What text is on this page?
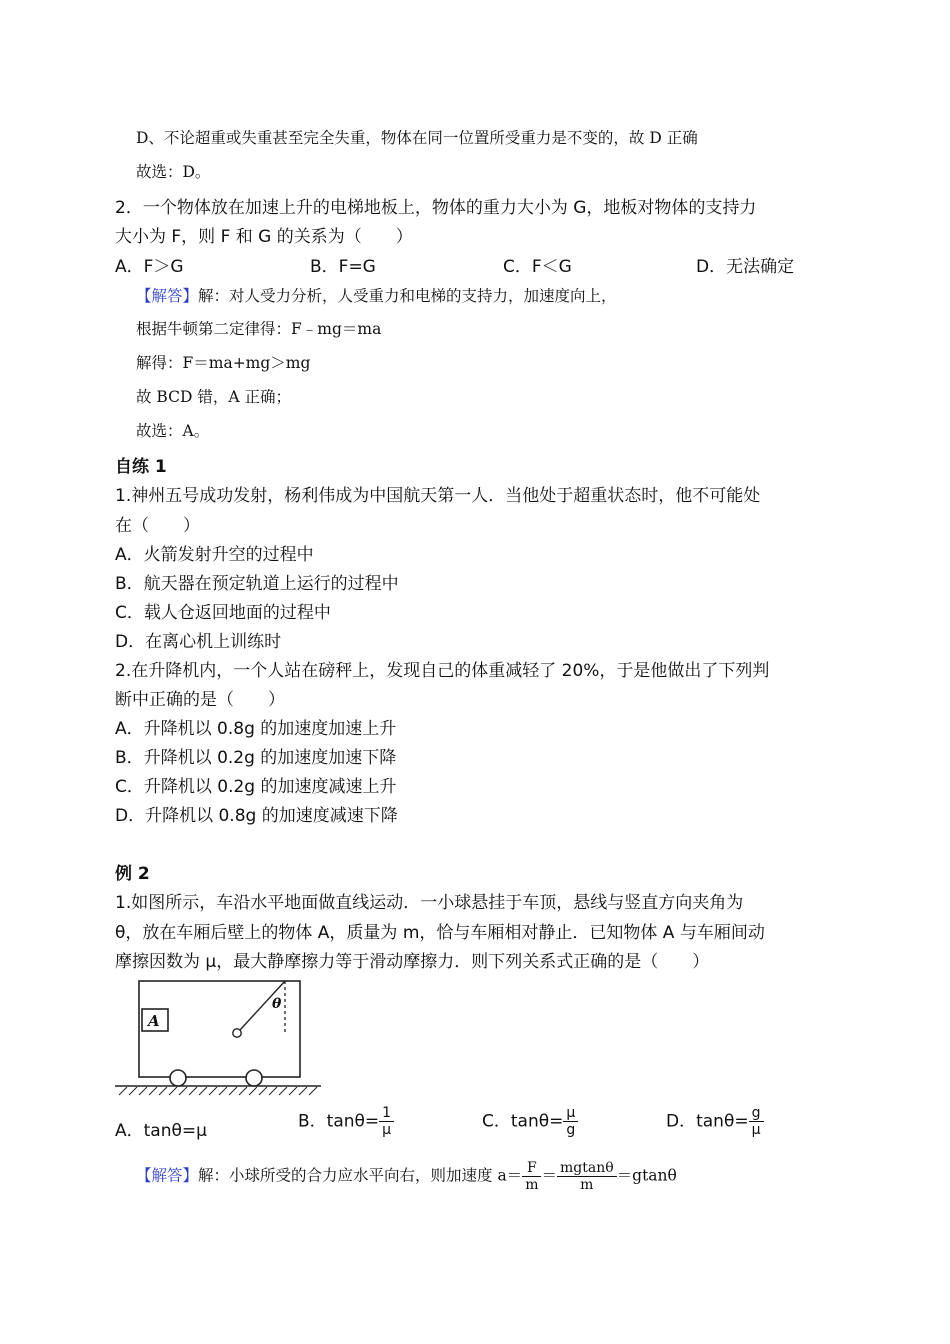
D、不论超重或失重甚至完全失重，物体在同一位置所受重力是不变的，故 D 正确
故选：D。
2．一个物体放在加速上升的电梯地板上，物体的重力大小为 G，地板对物体的支持力
大小为 F，则 F 和 G 的关系为（　　）
A．F＞G	B．F=G	C．F＜G	D．无法确定
【解答】解：对人受力分析，人受重力和电梯的支持力，加速度向上，
根据牛顿第二定律得：F﹣mg＝ma
解得：F＝ma+mg＞mg
故 BCD 错，A 正确；
故选：A。
自练 1
1.神州五号成功发射，杨利伟成为中国航天第一人．当他处于超重状态时，他不可能处
在（　　）
A．火箭发射升空的过程中
B．航天器在预定轨道上运行的过程中
C．载人仓返回地面的过程中
D．在离心机上训练时
2.在升降机内，一个人站在磅秤上，发现自己的体重减轻了 20%，于是他做出了下列判
断中正确的是（　　）
A．升降机以 0.8g 的加速度加速上升
B．升降机以 0.2g 的加速度加速下降
C．升降机以 0.2g 的加速度减速上升
D．升降机以 0.8g 的加速度减速下降
例 2
1.如图所示，车沿水平地面做直线运动．一小球悬挂于车顶，悬线与竖直方向夹角为
θ，放在车厢后壁上的物体 A，质量为 m，恰与车厢相对静止．已知物体 A 与车厢间动
摩擦因数为 μ，最大静摩擦力等于滑动摩擦力．则下列关系式正确的是（　　）
A
θ
A．tanθ=μ	B．$\tan\theta= \frac{1}{\mu}$	C．$\tan\theta= \frac{\mu}{g}$	D．$\tan\theta= \frac{g}{\mu}$
【解答】解：小球所受的合力应水平向右，则加速度 $a= \frac{F}{m} = \frac{mgtan\theta}{m} =gtan\theta$
